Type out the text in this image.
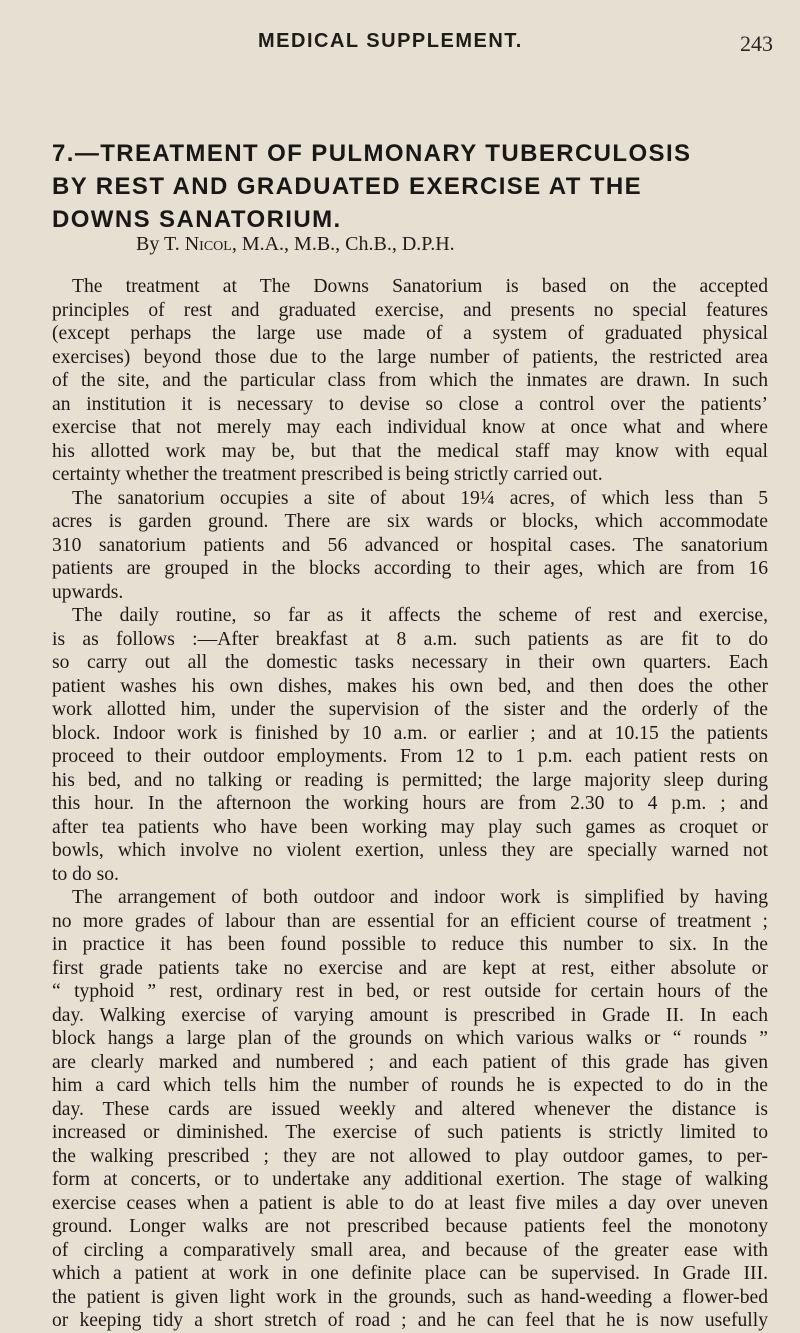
MEDICAL SUPPLEMENT.	243
7.—TREATMENT OF PULMONARY TUBERCULOSIS
BY REST AND GRADUATED EXERCISE AT THE
DOWNS SANATORIUM.
By T. Nicol, M.A., M.B., Ch.B., D.P.H.
The treatment at The Downs Sanatorium is based on the accepted
principles of rest and graduated exercise, and presents no special features
(except perhaps the large use made of a system of graduated physical
exercises) beyond those due to the large number of patients, the restricted area
of the site, and the particular class from which the inmates are drawn. In such
an institution it is necessary to devise so close a control over the patients’
exercise that not merely may each individual know at once what and where
his allotted work may be, but that the medical staff may know with equal
certainty whether the treatment prescribed is being strictly carried out.
The sanatorium occupies a site of about 19¼ acres, of which less than 5
acres is garden ground. There are six wards or blocks, which accommodate
310 sanatorium patients and 56 advanced or hospital cases. The sanatorium
patients are grouped in the blocks according to their ages, which are from 16
upwards.
The daily routine, so far as it affects the scheme of rest and exercise,
is as follows :—After breakfast at 8 a.m. such patients as are fit to do
so carry out all the domestic tasks necessary in their own quarters. Each
patient washes his own dishes, makes his own bed, and then does the other
work allotted him, under the supervision of the sister and the orderly of the
block. Indoor work is finished by 10 a.m. or earlier ; and at 10.15 the patients
proceed to their outdoor employments. From 12 to 1 p.m. each patient rests on
his bed, and no talking or reading is permitted; the large majority sleep during
this hour. In the afternoon the working hours are from 2.30 to 4 p.m. ; and
after tea patients who have been working may play such games as croquet or
bowls, which involve no violent exertion, unless they are specially warned not
to do so.
The arrangement of both outdoor and indoor work is simplified by having
no more grades of labour than are essential for an efficient course of treatment ;
in practice it has been found possible to reduce this number to six. In the
first grade patients take no exercise and are kept at rest, either absolute or
“ typhoid ” rest, ordinary rest in bed, or rest outside for certain hours of the
day. Walking exercise of varying amount is prescribed in Grade II. In each
block hangs a large plan of the grounds on which various walks or “ rounds ”
are clearly marked and numbered ; and each patient of this grade has given
him a card which tells him the number of rounds he is expected to do in the
day. These cards are issued weekly and altered whenever the distance is
increased or diminished. The exercise of such patients is strictly limited to
the walking prescribed ; they are not allowed to play outdoor games, to per-
form at concerts, or to undertake any additional exertion. The stage of walking
exercise ceases when a patient is able to do at least five miles a day over uneven
ground. Longer walks are not prescribed because patients feel the monotony
of circling a comparatively small area, and because of the greater ease with
which a patient at work in one definite place can be supervised. In Grade III.
the patient is given light work in the grounds, such as hand-weeding a flower-bed
or keeping tidy a short stretch of road ; and he can feel that he is now usefully
